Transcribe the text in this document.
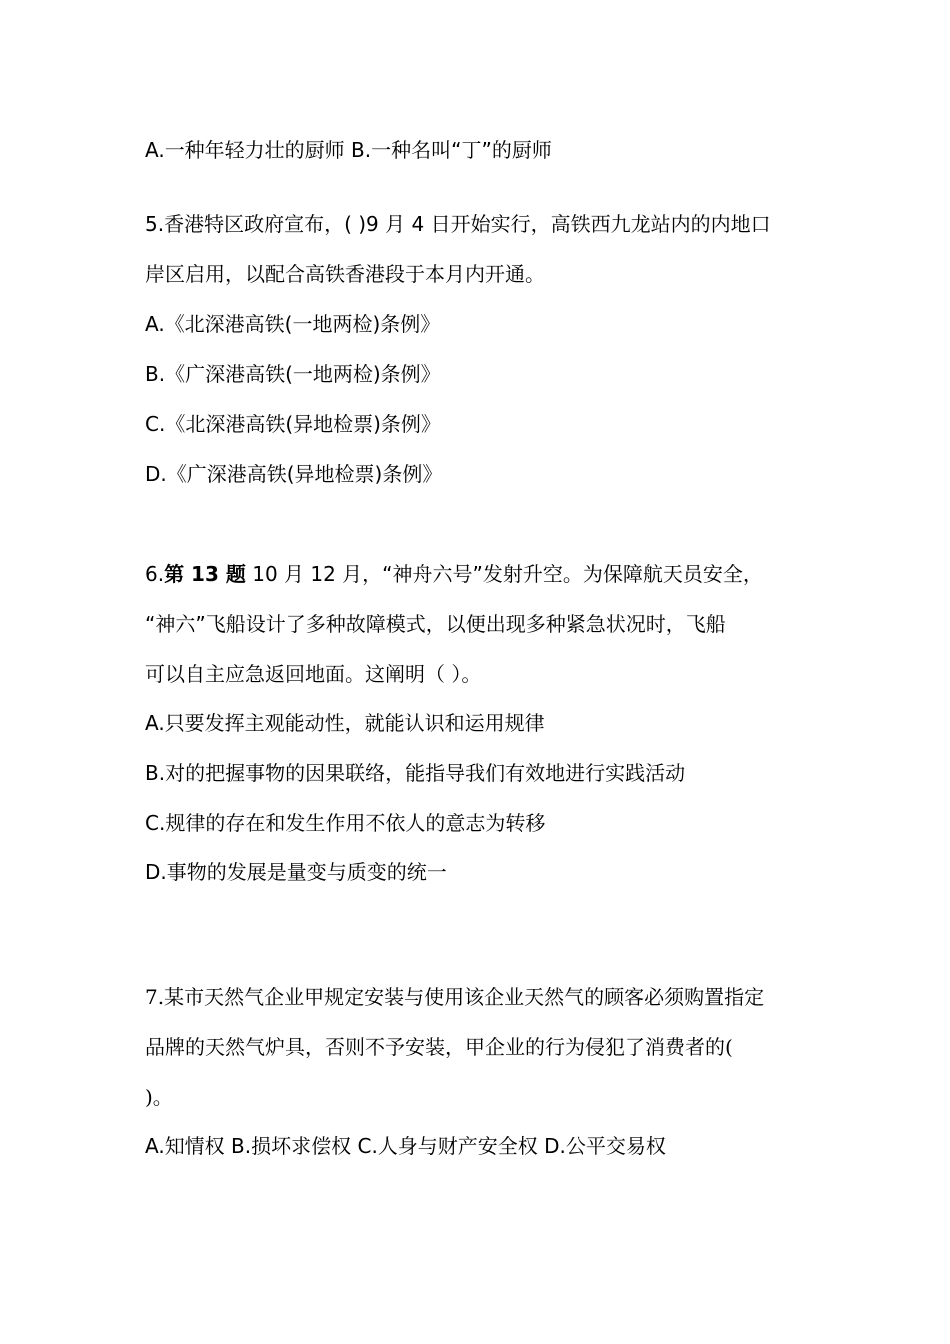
A.一种年轻力壮的厨师 B.一种名叫“丁”的厨师
5.香港特区政府宣布，( )9 月 4 日开始实行，高铁西九龙站内的内地口
岸区启用，以配合高铁香港段于本月内开通。
A.《北深港高铁(一地两检)条例》
B.《广深港高铁(一地两检)条例》
C.《北深港高铁(异地检票)条例》
D.《广深港高铁(异地检票)条例》
6.第 13 题 10 月 12 月，“神舟六号”发射升空。为保障航天员安全，
“神六”飞船设计了多种故障模式，以便出现多种紧急状况时，飞船
可以自主应急返回地面。这阐明（ ）。
A.只要发挥主观能动性，就能认识和运用规律
B.对的把握事物的因果联络，能指导我们有效地进行实践活动
C.规律的存在和发生作用不依人的意志为转移
D.事物的发展是量变与质变的统一
7.某市天然气企业甲规定安装与使用该企业天然气的顾客必须购置指定
品牌的天然气炉具，否则不予安装，甲企业的行为侵犯了消费者的(
)。
A.知情权 B.损坏求偿权 C.人身与财产安全权 D.公平交易权
